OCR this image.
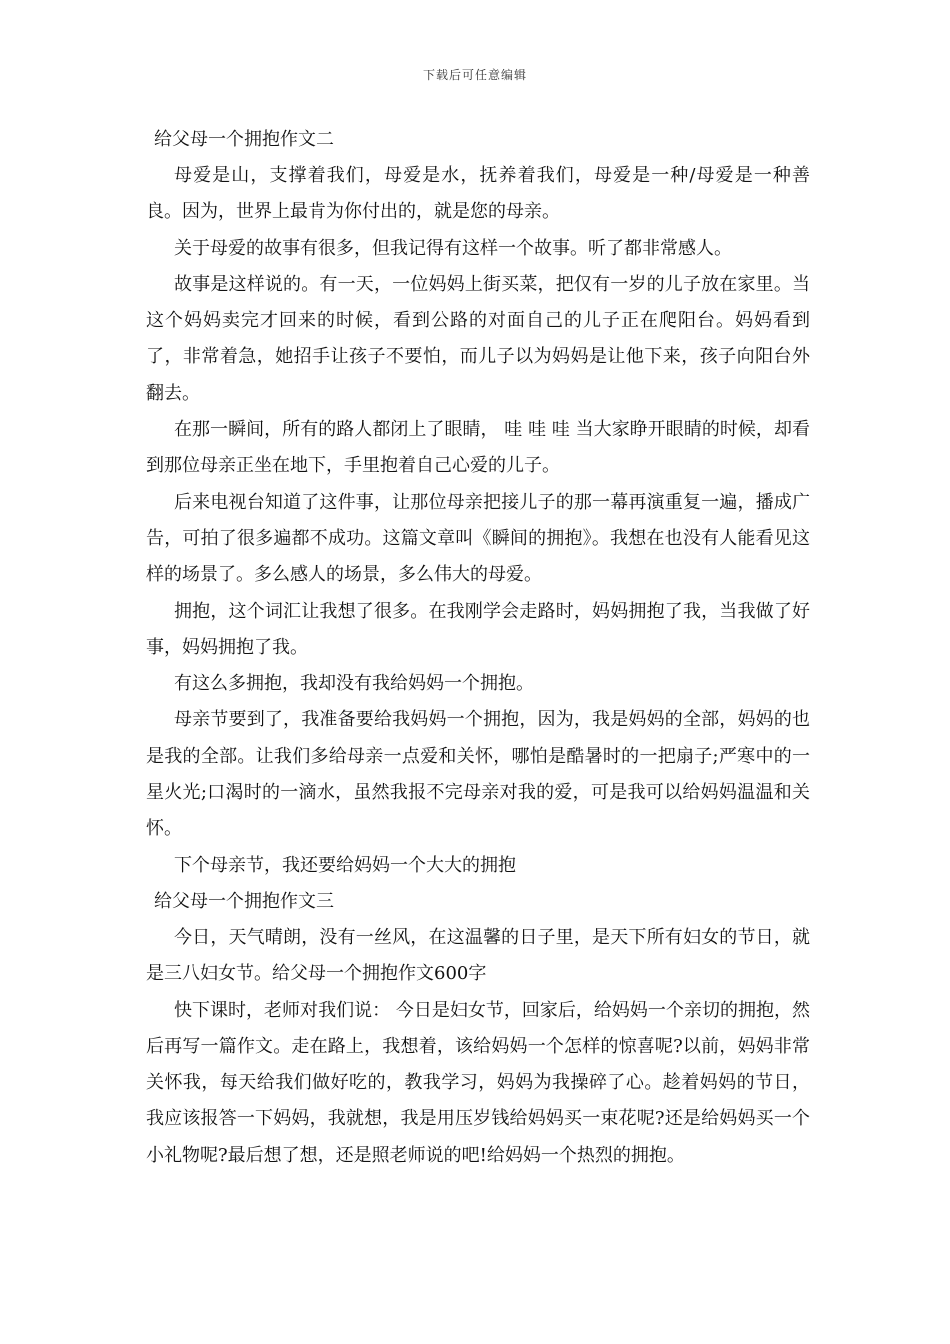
下载后可任意编辑

给父母一个拥抱作文二

母爱是山，支撑着我们，母爱是水，抚养着我们，母爱是一种/母爱是一种善良。因为，世界上最肯为你付出的，就是您的母亲。

关于母爱的故事有很多，但我记得有这样一个故事。听了都非常感人。

故事是这样说的。有一天，一位妈妈上街买菜，把仅有一岁的儿子放在家里。当这个妈妈卖完才回来的时候，看到公路的对面自己的儿子正在爬阳台。妈妈看到了，非常着急，她招手让孩子不要怕，而儿子以为妈妈是让他下来，孩子向阳台外翻去。

在那一瞬间，所有的路人都闭上了眼睛， 哇 哇 哇 当大家睁开眼睛的时候，却看到那位母亲正坐在地下，手里抱着自己心爱的儿子。

后来电视台知道了这件事，让那位母亲把接儿子的那一幕再演重复一遍，播成广告，可拍了很多遍都不成功。这篇文章叫《瞬间的拥抱》。我想在也没有人能看见这样的场景了。多么感人的场景，多么伟大的母爱。

拥抱，这个词汇让我想了很多。在我刚学会走路时，妈妈拥抱了我，当我做了好事，妈妈拥抱了我。

有这么多拥抱，我却没有我给妈妈一个拥抱。

母亲节要到了，我准备要给我妈妈一个拥抱，因为，我是妈妈的全部，妈妈的也是我的全部。让我们多给母亲一点爱和关怀，哪怕是酷暑时的一把扇子;严寒中的一星火光;口渴时的一滴水，虽然我报不完母亲对我的爱，可是我可以给妈妈温温和关怀。

下个母亲节，我还要给妈妈一个大大的拥抱

给父母一个拥抱作文三

今日，天气晴朗，没有一丝风，在这温馨的日子里，是天下所有妇女的节日，就是三八妇女节。给父母一个拥抱作文600字

快下课时，老师对我们说： 今日是妇女节，回家后，给妈妈一个亲切的拥抱，然后再写一篇作文。走在路上，我想着，该给妈妈一个怎样的惊喜呢?以前，妈妈非常关怀我，每天给我们做好吃的，教我学习，妈妈为我操碎了心。趁着妈妈的节日，我应该报答一下妈妈，我就想，我是用压岁钱给妈妈买一束花呢?还是给妈妈买一个小礼物呢?最后想了想，还是照老师说的吧!给妈妈一个热烈的拥抱。
